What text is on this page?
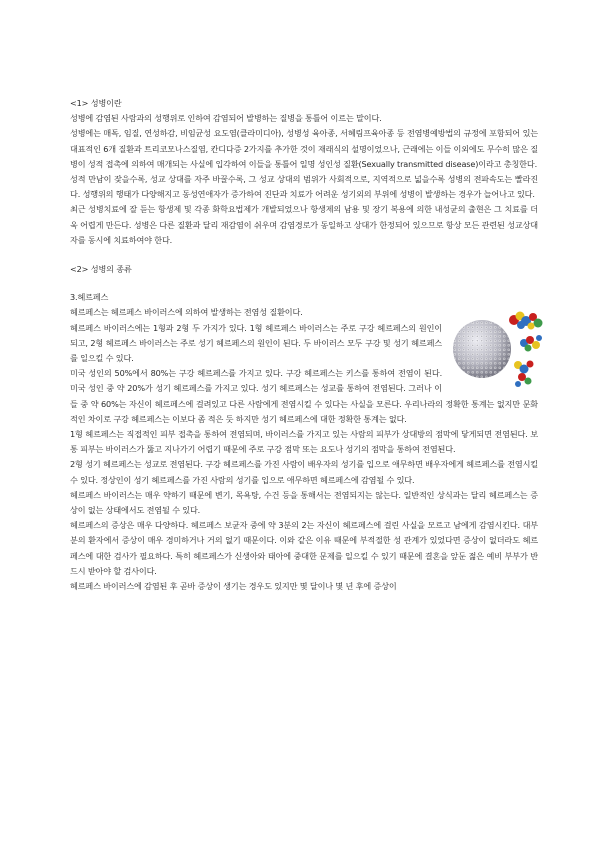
<1> 성병이란

성병에 감염된 사람과의 성행위로 인하여 감염되어 발병하는 질병을 통틀어 이르는 말이다.

성병에는 매독, 임질, 연성하감, 비임균성 요도염(클라미디아), 성병성 육아종, 서혜림프육아종 등 전염병예방법의 규정에 포함되어 있는 대표적인 6개 질환과 트리코모나스질염, 칸디다증 2가지를 추가한 것이 재래식의 설명이었으나, 근래에는 이들 이외에도 무수히 많은 질병이 성적 접촉에 의하여 매개되는 사실에 입각하여 이들을 통틀어 일명 성인성 질환(Sexually transmitted disease)이라고 총칭한다.

성적 만남이 잦을수록, 성교 상대를 자주 바꿀수록, 그 성교 상대의 범위가 사회적으로, 지역적으로 넓을수록 성병의 전파속도는 빨라진다. 성행위의 행태가 다양해지고 동성연애자가 증가하여 진단과 치료가 어려운 성기외의 부위에 성병이 발생하는 경우가 늘어나고 있다.

최근 성병치료에 잘 듣는 항생제 및 각종 화학요법제가 개발되었으나 항생제의 남용 및 장기 복용에 의한 내성균의 출현은 그 치료를 더욱 어렵게 만든다. 성병은 다른 질환과 달리 재감염이 쉬우며 감염경로가 동일하고 상대가 한정되어 있으므로 항상 모든 관련된 성교상대자를 동시에 치료하여야 한다.

<2> 성병의 종류

3.헤르페스

헤르페스는 헤르페스 바이러스에 의하여 발생하는 전염성 질환이다.

헤르페스 바이러스에는 1형과 2형 두 가지가 있다. 1형 헤르페스 바이러스는 주로 구강 헤르페스의 원인이 되고, 2형 헤르페스 바이러스는 주로 성기 헤르페스의 원인이 된다. 두 바이러스 모두 구강 및 성기 헤르페스를 일으킬 수 있다.

미국 성인의 50%에서 80%는 구강 헤르페스를 가지고 있다. 구강 헤르페스는 키스를 통하여 전염이 된다. 미국 성인 중 약 20%가 성기 헤르페스를 가지고 있다. 성기 헤르페스는 성교를 통하여 전염된다. 그러나 이들 중 약 60%는 자신이 헤르페스에 걸려있고 다른 사람에게 전염시킬 수 있다는 사실을 모른다. 우리나라의 정확한 통계는 없지만 문화적인 차이로 구강 헤르페스는 이보다 좀 적은 듯 하지만 성기 헤르페스에 대한 정확한 통계는 없다.

1형 헤르페스는 직접적인 피부 접촉을 통하여 전염되며, 바이러스를 가지고 있는 사람의 피부가 상대방의 점막에 닿게되면 전염된다. 보통 피부는 바이러스가 뚫고 지나가기 어렵기 때문에 주로 구강 점막 또는 요도나 성기의 점막을 통하여 전염된다.

2형 성기 헤르페스는 성교로 전염된다. 구강 헤르페스를 가진 사람이 배우자의 성기를 입으로 애무하면 배우자에게 헤르페스를 전염시킬 수 있다. 정상인이 성기 헤르페스를 가진 사람의 성기를 입으로 애무하면 헤르페스에 감염될 수 있다.

헤르페스 바이러스는 매우 약하기 때문에 변기, 목욕탕, 수건 등을 통해서는 전염되지는 않는다. 일반적인 상식과는 달리 헤르페스는 증상이 없는 상태에서도 전염될 수 있다.

헤르페스의 증상은 매우 다양하다. 헤르페스 보균자 중에 약 3분의 2는 자신이 헤르페스에 걸린 사실을 모르고 남에게 감염시킨다. 대부분의 환자에서 증상이 매우 경미하거나 거의 없기 때문이다. 이와 같은 이유 때문에 부적절한 성 관계가 있었다면 증상이 없더라도 헤르페스에 대한 검사가 필요하다. 특히 헤르페스가 신생아와 태아에 중대한 문제를 일으킬 수 있기 때문에 결혼을 앞둔 젊은 예비 부부가 반드시 받아야 할 검사이다.

헤르페스 바이러스에 감염된 후 곧바 증상이 생기는 경우도 있지만 몇 달이나 몇 년 후에 증상이
